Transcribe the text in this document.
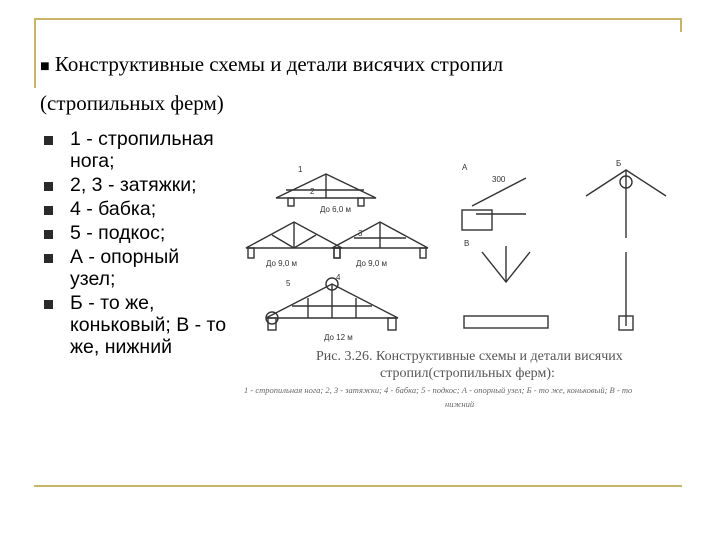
■ Конструктивные схемы и детали висячих стропил
(стропильных ферм)
1 - стропильная нога;
2, 3 - затяжки;
4 - бабка;
5 - подкос;
А - опорный узел;
Б - то же, коньковый; В - то же, нижний
До 6,0 м
До 9,0 м	До 9,0 м
До 12 м
А	Б
В
300
1
2
3
4
5
Рис. 3.26. Конструктивные схемы и детали висячих
стропил(стропильных ферм):
1 - стропильная нога; 2, 3 - затяжки; 4 - бабка; 5 - подкос; А - опорный узел; Б - то же, коньковый; В - то
нижний
